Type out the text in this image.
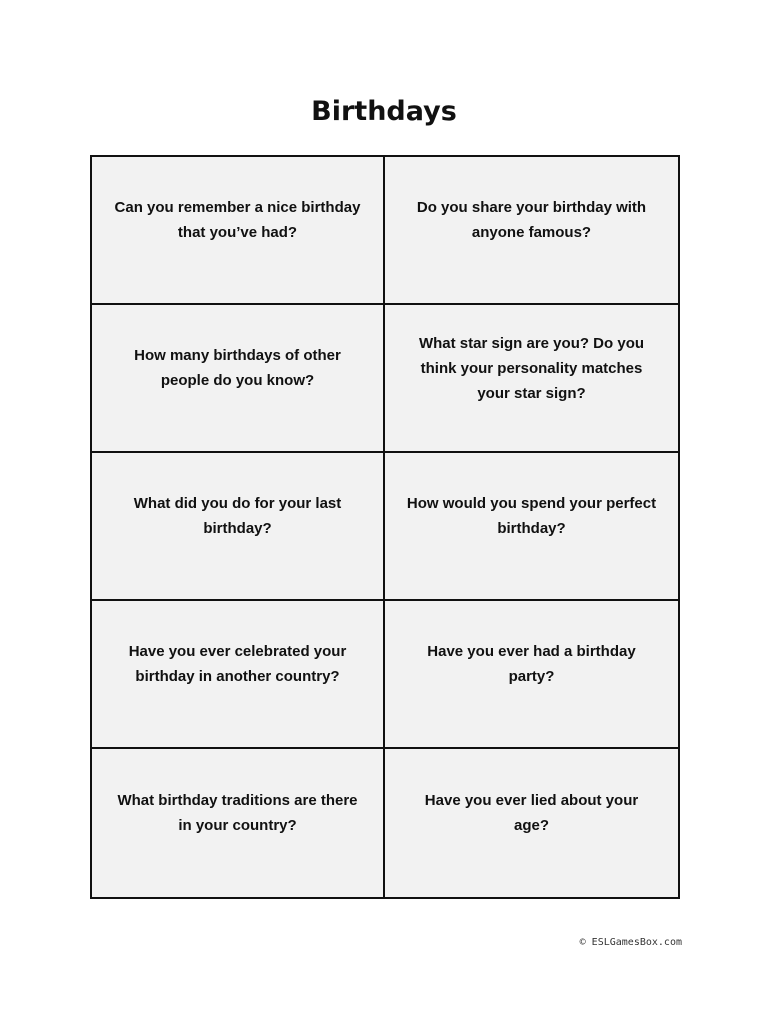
Birthdays
Can you remember a nice birthday that you’ve had?
Do you share your birthday with anyone famous?
How many birthdays of other people do you know?
What star sign are you? Do you think your personality matches your star sign?
What did you do for your last birthday?
How would you spend your perfect birthday?
Have you ever celebrated your birthday in another country?
Have you ever had a birthday party?
What birthday traditions are there in your country?
Have you ever lied about your age?
© ESLGamesBox.com
